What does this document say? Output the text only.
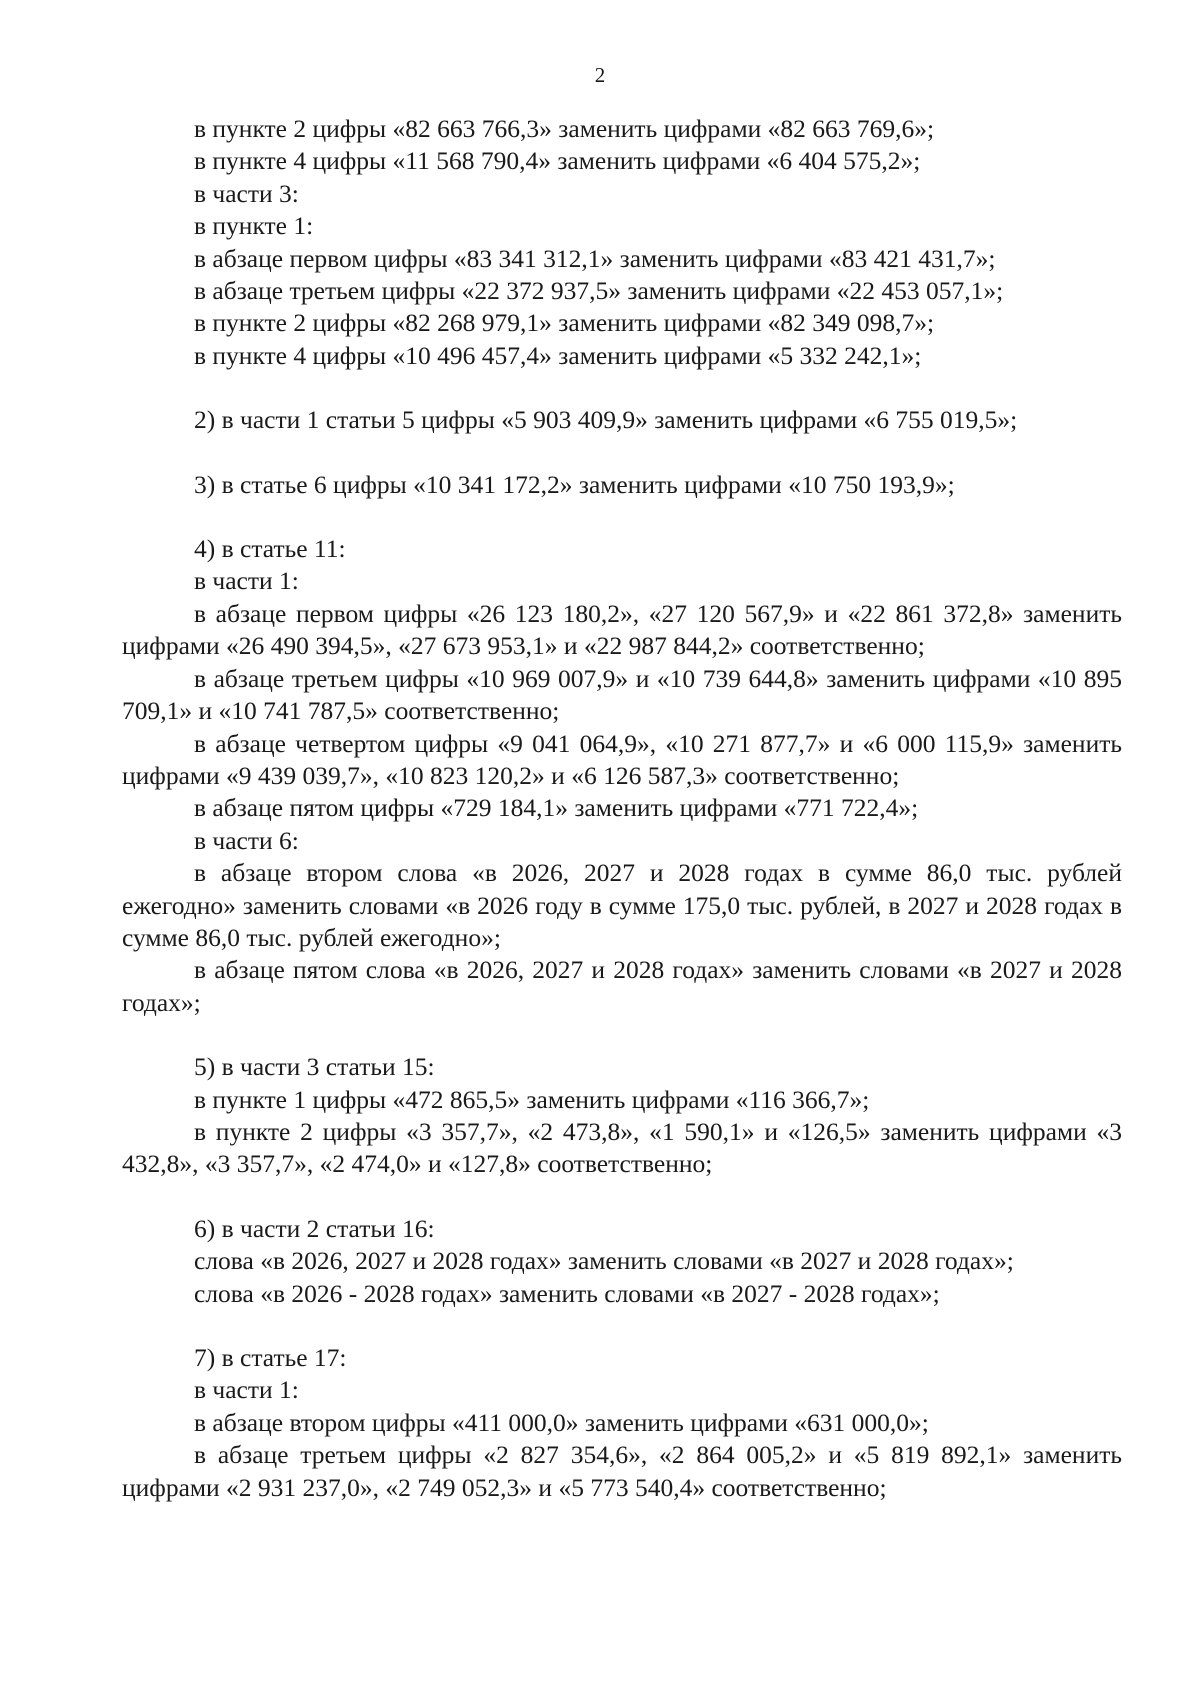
2

в пункте 2 цифры «82 663 766,3» заменить цифрами «82 663 769,6»;

в пункте 4 цифры «11 568 790,4» заменить цифрами «6 404 575,2»;

в части 3:

в пункте 1:

в абзаце первом цифры «83 341 312,1» заменить цифрами «83 421 431,7»;

в абзаце третьем цифры «22 372 937,5» заменить цифрами «22 453 057,1»;

в пункте 2 цифры «82 268 979,1» заменить цифрами «82 349 098,7»;

в пункте 4 цифры «10 496 457,4» заменить цифрами «5 332 242,1»;

2) в части 1 статьи 5 цифры «5 903 409,9» заменить цифрами «6 755 019,5»;

3) в статье 6 цифры «10 341 172,2» заменить цифрами «10 750 193,9»;

4) в статье 11:

в части 1:

в абзаце первом цифры «26 123 180,2», «27 120 567,9» и «22 861 372,8» заменить цифрами «26 490 394,5», «27 673 953,1» и «22 987 844,2» соответственно;

в абзаце третьем цифры «10 969 007,9» и «10 739 644,8» заменить цифрами «10 895 709,1» и «10 741 787,5» соответственно;

в абзаце четвертом цифры «9 041 064,9», «10 271 877,7» и «6 000 115,9» заменить цифрами «9 439 039,7», «10 823 120,2» и «6 126 587,3» соответственно;

в абзаце пятом цифры «729 184,1» заменить цифрами «771 722,4»;

в части 6:

в абзаце втором слова «в 2026, 2027 и 2028 годах в сумме 86,0 тыс. рублей ежегодно» заменить словами «в 2026 году в сумме 175,0 тыс. рублей, в 2027 и 2028 годах в сумме 86,0 тыс. рублей ежегодно»;

в абзаце пятом слова «в 2026, 2027 и 2028 годах» заменить словами «в 2027 и 2028 годах»;

5) в части 3 статьи 15:

в пункте 1 цифры «472 865,5» заменить цифрами «116 366,7»;

в пункте 2 цифры «3 357,7», «2 473,8», «1 590,1» и «126,5» заменить цифрами «3 432,8», «3 357,7», «2 474,0» и «127,8» соответственно;

6) в части 2 статьи 16:

слова «в 2026, 2027 и 2028 годах» заменить словами «в 2027 и 2028 годах»;

слова «в 2026 - 2028 годах» заменить словами «в 2027 - 2028 годах»;

7) в статье 17:

в части 1:

в абзаце втором цифры «411 000,0» заменить цифрами «631 000,0»;

в абзаце третьем цифры «2 827 354,6», «2 864 005,2» и «5 819 892,1» заменить цифрами «2 931 237,0», «2 749 052,3» и «5 773 540,4» соответственно;
